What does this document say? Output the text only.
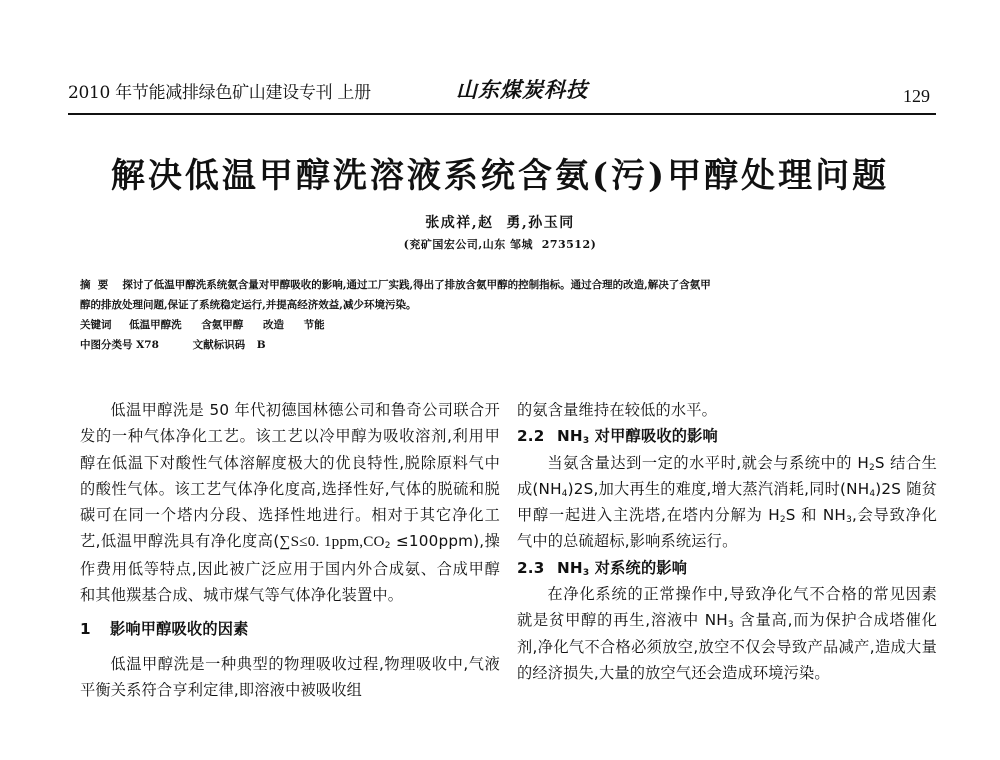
2010 年节能减排绿色矿山建设专刊 上册	山东煤炭科技	129
解决低温甲醇洗溶液系统含氨(污)甲醇处理问题
张成祥,赵  勇,孙玉同
(兖矿国宏公司,山东 邹城  273512)
摘  要 探讨了低温甲醇洗系统氨含量对甲醇吸收的影响,通过工厂实践,得出了排放含氨甲醇的控制指标。通过合理的改造,解决了含氨甲
醇的排放处理问题,保证了系统稳定运行,并提高经济效益,减少环境污染。
关键词 低温甲醇洗 含氨甲醇 改造 节能
中图分类号 X78	文献标识码 B

低温甲醇洗是 50 年代初德国林德公司和鲁奇公司联合开发的一种气体净化工艺。该工艺以冷甲醇为吸收溶剂,利用甲醇在低温下对酸性气体溶解度极大的优良特性,脱除原料气中的酸性气体。该工艺气体净化度高,选择性好,气体的脱硫和脱碳可在同一个塔内分段、选择性地进行。相对于其它净化工艺,低温甲醇洗具有净化度高(∑S≤0. $1ppm,CO_2 \le 100ppm$),操作费用低等特点,因此被广泛应用于国内外合成氨、合成甲醇和其他羰基合成、城市煤气等气体净化装置中。

1 影响甲醇吸收的因素

低温甲醇洗是一种典型的物理吸收过程,物理吸收中,气液平衡关系符合亨利定律,即溶液中被吸收组

的氨含量维持在较低的水平。

2.2 $NH_3$ 对甲醇吸收的影响

当氨含量达到一定的水平时,就会与系统中的 $H_2S$ 结合生成$(NH_4)2S$,加大再生的难度,增大蒸汽消耗,同时$(NH_4)2S$ 随贫甲醇一起进入主洗塔,在塔内分解为 $H_2S$ 和 $NH_3$,会导致净化气中的总硫超标,影响系统运行。

2.3 $NH_3$ 对系统的影响

在净化系统的正常操作中,导致净化气不合格的常见因素就是贫甲醇的再生,溶液中 $NH_3$ 含量高,而为保护合成塔催化剂,净化气不合格必须放空,放空不仅会导致产品减产,造成大量的经济损失,大量的放空气还会造成环境污染。
